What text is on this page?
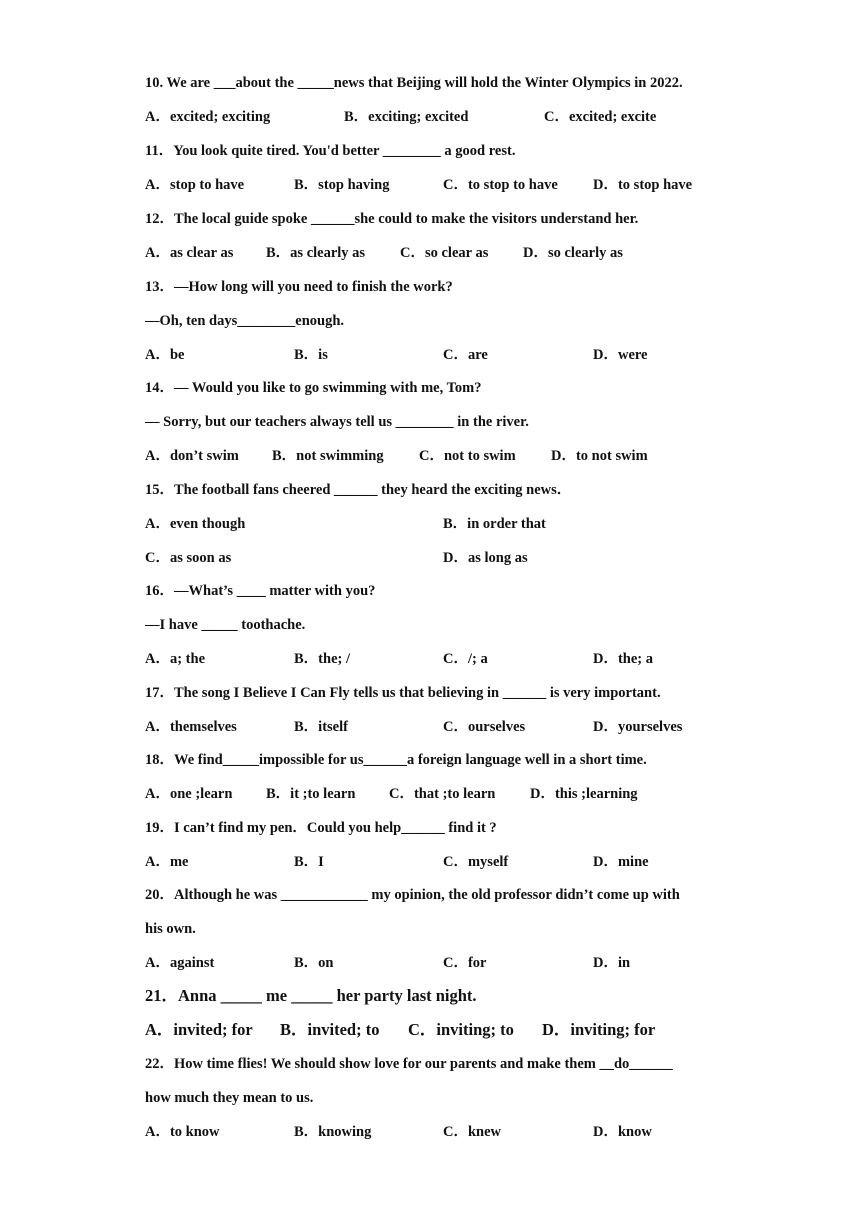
10. We are ___about the _____news that Beijing will hold the Winter Olympics in 2022.
A．excited; exciting	B．exciting; excited	C．excited; excite
11．You look quite tired. You'd better ________ a good rest.
A．stop to have	B．stop having	C．to stop to have D．to stop have
12．The local guide spoke ______she could to make the visitors understand her.
A．as clear as B．as clearly as C．so clear as D．so clearly as
13．—How long will you need to finish the work?
—Oh, ten days________enough.
A．be	B．is	C．are	D．were
14．— Would you like to go swimming with me, Tom?
— Sorry, but our teachers always tell us ________ in the river.
A．don’t swim B．not swimming C．not to swim D．to not swim
15．The football fans cheered ______ they heard the exciting news．
A．even though	B．in order that
C．as soon as	D．as long as
16．—What’s ____ matter with you?
—I have _____ toothache.
A．a; the	B．the; /	C．/; a	D．the; a
17．The song I Believe I Can Fly tells us that believing in ______ is very important.
A．themselves	B．itself	C．ourselves	D．yourselves
18．We find_____impossible for us______a foreign language well in a short time.
A．one ;learn B．it ;to learn C．that ;to learn D．this ;learning
19．I can’t find my pen．Could you help______ find it ?
A．me	B．I	C．myself	D．mine
20．Although he was ____________ my opinion, the old professor didn’t come up with
his own.
A．against	B．on	C．for	D．in
21．Anna _____ me _____ her party last night.
A．invited; for B．invited; to C．inviting; to D．inviting; for
22．How time flies! We should show love for our parents and make them __do______
how much they mean to us.
A．to know	B．knowing	C．knew	D．know
